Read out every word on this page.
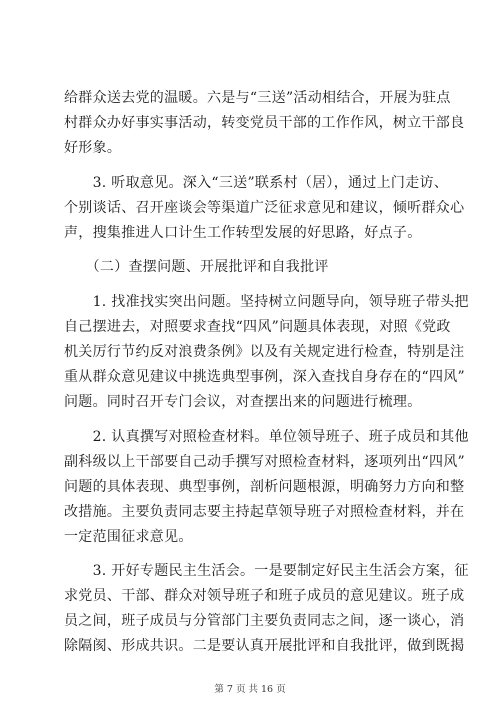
给群众送去党的温暖。六是与“三送”活动相结合，开展为驻点
村群众办好事实事活动，转变党员干部的工作作风，树立干部良
好形象。
　　3. 听取意见。深入“三送”联系村（居），通过上门走访、
个别谈话、召开座谈会等渠道广泛征求意见和建议，倾听群众心
声，搜集推进人口计生工作转型发展的好思路，好点子。
　　（二）查摆问题、开展批评和自我批评
　　1. 找准找实突出问题。坚持树立问题导向，领导班子带头把
自己摆进去，对照要求查找“四风”问题具体表现，对照《党政
机关厉行节约反对浪费条例》以及有关规定进行检查，特别是注
重从群众意见建议中挑选典型事例，深入查找自身存在的“四风”
问题。同时召开专门会议，对查摆出来的问题进行梳理。
　　2. 认真撰写对照检查材料。单位领导班子、班子成员和其他
副科级以上干部要自己动手撰写对照检查材料，逐项列出“四风”
问题的具体表现、典型事例，剖析问题根源，明确努力方向和整
改措施。主要负责同志要主持起草领导班子对照检查材料，并在
一定范围征求意见。
　　3. 开好专题民主生活会。一是要制定好民主生活会方案，征
求党员、干部、群众对领导班子和班子成员的意见建议。班子成
员之间，班子成员与分管部门主要负责同志之间，逐一谈心，消
除隔阂、形成共识。二是要认真开展批评和自我批评，做到既揭
第 7 页 共 16 页
